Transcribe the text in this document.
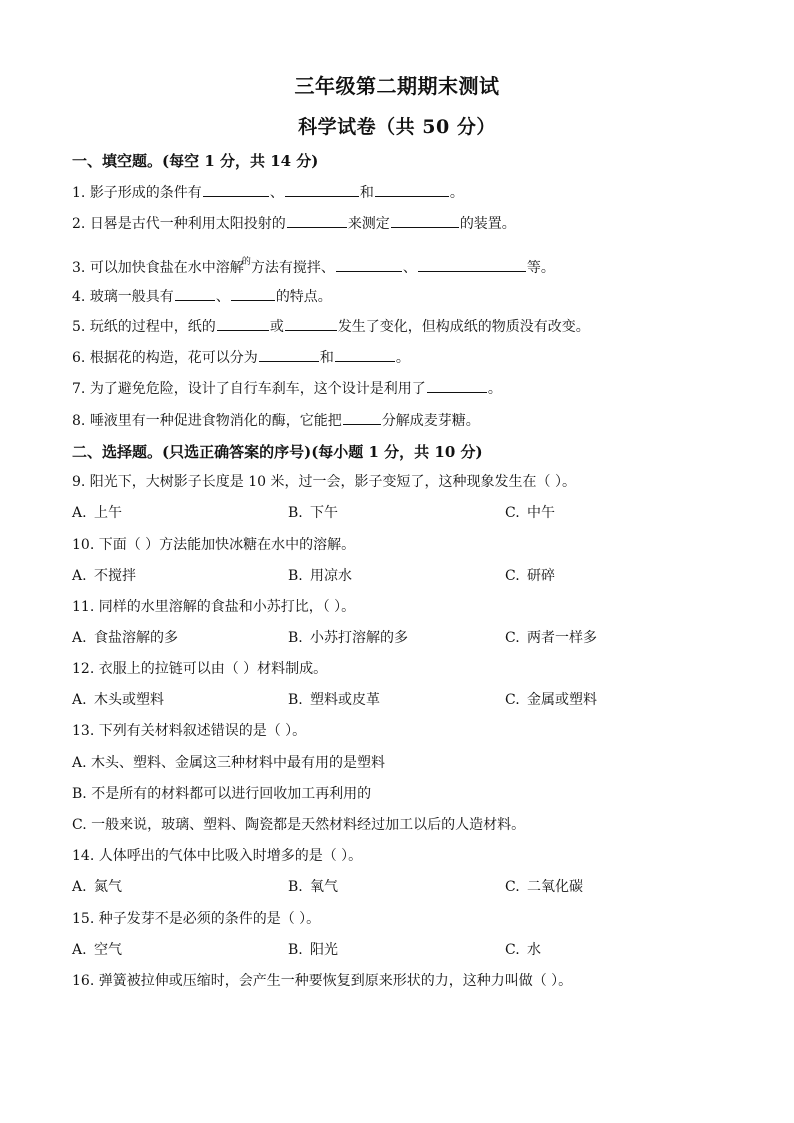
三年级第二期期末测试
科学试卷（共 50 分）
一、填空题。(每空 1 分，共 14 分)
1. 影子形成的条件有	、	和	。
2. 日晷是古代一种利用太阳投射的	来测定	的装置。
3. 可以加快食盐在水中溶解$^的$方法有搅拌、	、	等。
4. 玻璃一般具有	、	的特点。
5. 玩纸的过程中，纸的	或	发生了变化，但构成纸的物质没有改变。
6. 根据花的构造，花可以分为	和	。
7. 为了避免危险，设计了自行车刹车，这个设计是利用了	。
8. 唾液里有一种促进食物消化的酶，它能把	分解成麦芽糖。
二、选择题。(只选正确答案的序号)(每小题 1 分，共 10 分)
9. 阳光下，大树影子长度是 10 米，过一会，影子变短了，这种现象发生在（ ）。
A. 上午	B. 下午	C. 中午
10. 下面（ ）方法能加快冰糖在水中的溶解。
A. 不搅拌	B. 用凉水	C. 研碎
11. 同样的水里溶解的食盐和小苏打比，（ ）。
A. 食盐溶解的多	B. 小苏打溶解的多	C. 两者一样多
12. 衣服上的拉链可以由（ ）材料制成。
A. 木头或塑料	B. 塑料或皮革	C. 金属或塑料
13. 下列有关材料叙述错误的是（ ）。
A. 木头、塑料、金属这三种材料中最有用的是塑料
B. 不是所有的材料都可以进行回收加工再利用的
C. 一般来说，玻璃、塑料、陶瓷都是天然材料经过加工以后的人造材料。
14. 人体呼出的气体中比吸入时增多的是（ ）。
A. 氮气	B. 氧气	C. 二氧化碳
15. 种子发芽不是必须的条件的是（ ）。
A. 空气	B. 阳光	C. 水
16. 弹簧被拉伸或压缩时，会产生一种要恢复到原来形状的力，这种力叫做（ ）。
